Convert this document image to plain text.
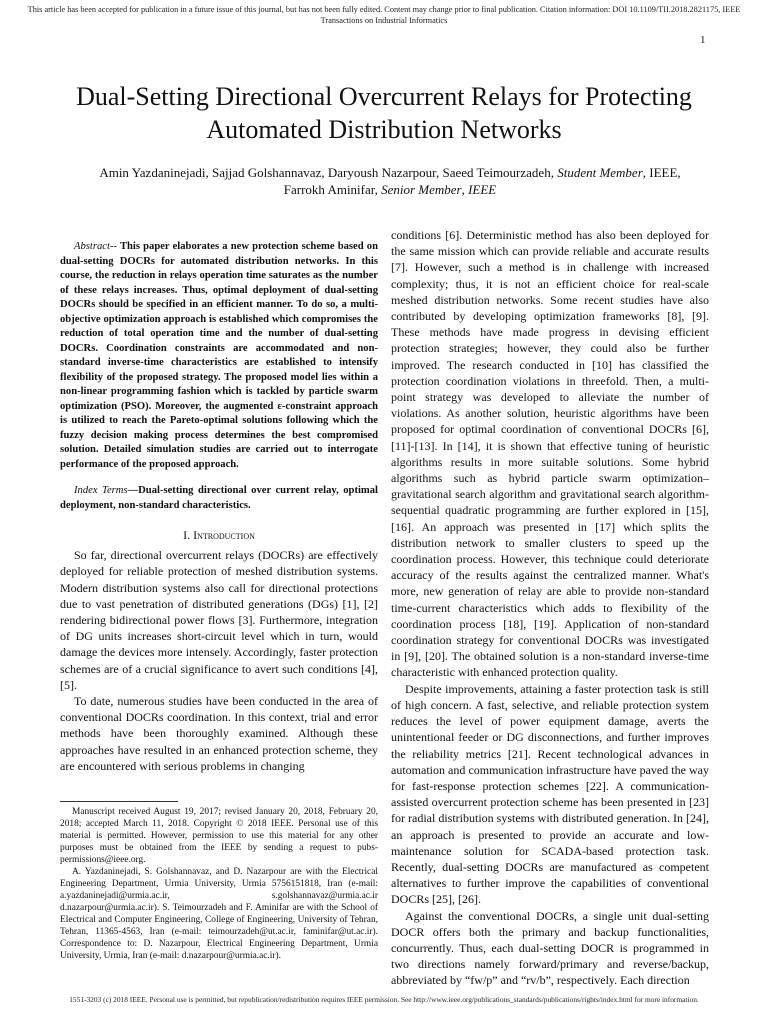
This article has been accepted for publication in a future issue of this journal, but has not been fully edited. Content may change prior to final publication. Citation information: DOI 10.1109/TII.2018.2821175, IEEE
Transactions on Industrial Informatics
1
Dual-Setting Directional Overcurrent Relays for Protecting Automated Distribution Networks
Amin Yazdaninejadi, Sajjad Golshannavaz, Daryoush Nazarpour, Saeed Teimourzadeh, Student Member, IEEE, Farrokh Aminifar, Senior Member, IEEE

Abstract-- This paper elaborates a new protection scheme based on dual-setting DOCRs for automated distribution networks. In this course, the reduction in relays operation time saturates as the number of these relays increases. Thus, optimal deployment of dual-setting DOCRs should be specified in an efficient manner. To do so, a multi-objective optimization approach is established which compromises the reduction of total operation time and the number of dual-setting DOCRs. Coordination constraints are accommodated and non-standard inverse-time characteristics are established to intensify flexibility of the proposed strategy. The proposed model lies within a non-linear programming fashion which is tackled by particle swarm optimization (PSO). Moreover, the augmented ε-constraint approach is utilized to reach the Pareto-optimal solutions following which the fuzzy decision making process determines the best compromised solution. Detailed simulation studies are carried out to interrogate performance of the proposed approach.

Index Terms—Dual-setting directional over current relay, optimal deployment, non-standard characteristics.

I. Introduction

So far, directional overcurrent relays (DOCRs) are effectively deployed for reliable protection of meshed distribution systems. Modern distribution systems also call for directional protections due to vast penetration of distributed generations (DGs) [1], [2] rendering bidirectional power flows [3]. Furthermore, integration of DG units increases short-circuit level which in turn, would damage the devices more intensely. Accordingly, faster protection schemes are of a crucial significance to avert such conditions [4], [5].

To date, numerous studies have been conducted in the area of conventional DOCRs coordination. In this context, trial and error methods have been thoroughly examined. Although these approaches have resulted in an enhanced protection scheme, they are encountered with serious problems in changing

Manuscript received August 19, 2017; revised January 20, 2018, February 20, 2018; accepted March 11, 2018. Copyright © 2018 IEEE. Personal use of this material is permitted. However, permission to use this material for any other purposes must be obtained from the IEEE by sending a request to pubs-permissions@ieee.org.

A. Yazdaninejadi, S. Golshannavaz, and D. Nazarpour are with the Electrical Engineering Department, Urmia University, Urmia 5756151818, Iran (e-mail: a.yazdaninejadi@urmia.ac.ir, s.golshannavaz@urmia.ac.ir d.nazarpour@urmia.ac.ir). S. Teimourzadeh and F. Aminifar are with the School of Electrical and Computer Engineering, College of Engineering, University of Tehran, Tehran, 11365-4563, Iran (e-mail: teimourzadeh@ut.ac.ir, faminifar@ut.ac.ir). Correspondence to: D. Nazarpour, Electrical Engineering Department, Urmia University, Urmia, Iran (e-mail: d.nazarpour@urmia.ac.ir).

conditions [6]. Deterministic method has also been deployed for the same mission which can provide reliable and accurate results [7]. However, such a method is in challenge with increased complexity; thus, it is not an efficient choice for real-scale meshed distribution networks. Some recent studies have also contributed by developing optimization frameworks [8], [9]. These methods have made progress in devising efficient protection strategies; however, they could also be further improved. The research conducted in [10] has classified the protection coordination violations in threefold. Then, a multi-point strategy was developed to alleviate the number of violations. As another solution, heuristic algorithms have been proposed for optimal coordination of conventional DOCRs [6], [11]-[13]. In [14], it is shown that effective tuning of heuristic algorithms results in more suitable solutions. Some hybrid algorithms such as hybrid particle swarm optimization–gravitational search algorithm and gravitational search algorithm-sequential quadratic programming are further explored in [15], [16]. An approach was presented in [17] which splits the distribution network to smaller clusters to speed up the coordination process. However, this technique could deteriorate accuracy of the results against the centralized manner. What's more, new generation of relay are able to provide non-standard time-current characteristics which adds to flexibility of the coordination process [18], [19]. Application of non-standard coordination strategy for conventional DOCRs was investigated in [9], [20]. The obtained solution is a non-standard inverse-time characteristic with enhanced protection quality.

Despite improvements, attaining a faster protection task is still of high concern. A fast, selective, and reliable protection system reduces the level of power equipment damage, averts the unintentional feeder or DG disconnections, and further improves the reliability metrics [21]. Recent technological advances in automation and communication infrastructure have paved the way for fast-response protection schemes [22]. A communication-assisted overcurrent protection scheme has been presented in [23] for radial distribution systems with distributed generation. In [24], an approach is presented to provide an accurate and low-maintenance solution for SCADA-based protection task. Recently, dual-setting DOCRs are manufactured as competent alternatives to further improve the capabilities of conventional DOCRs [25], [26].

Against the conventional DOCRs, a single unit dual-setting DOCR offers both the primary and backup functionalities, concurrently. Thus, each dual-setting DOCR is programmed in two directions namely forward/primary and reverse/backup, abbreviated by “fw/p” and “rv/b”, respectively. Each direction

1551-3203 (c) 2018 IEEE. Personal use is permitted, but republication/redistribution requires IEEE permission. See http://www.ieee.org/publications_standards/publications/rights/index.html for more information.
